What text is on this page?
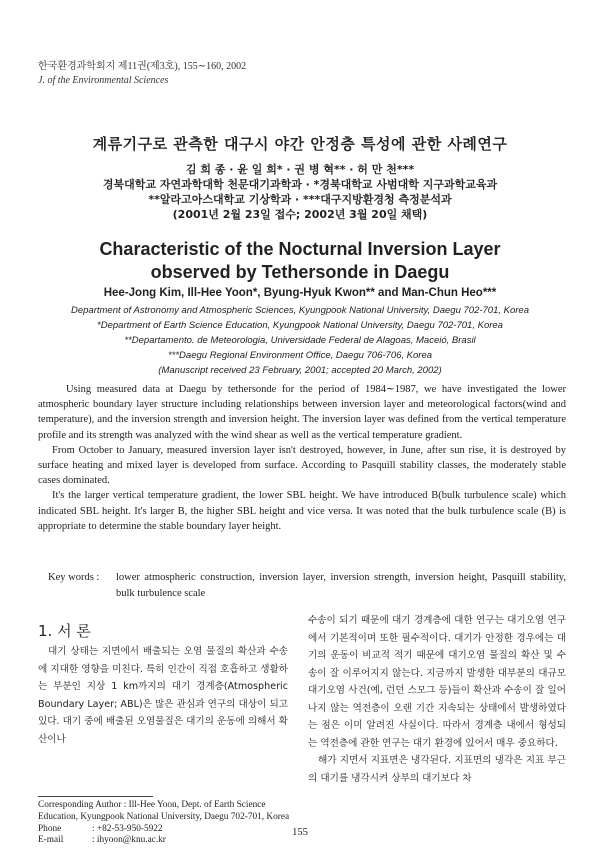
한국환경과학회지 제11권(제3호), 155∼160, 2002
J. of the Environmental Sciences
계류기구로 관측한 대구시 야간 안정층 특성에 관한 사례연구
김 희 종 · 윤 일 희* · 권 병 혁** · 허 만 천***
경북대학교 자연과학대학 천문대기과학과 · *경북대학교 사범대학 지구과학교육과
**알라고아스대학교 기상학과 · ***대구지방환경청 측정분석과
(2001년 2월 23일 접수; 2002년 3월 20일 채택)
Characteristic of the Nocturnal Inversion Layer
observed by Tethersonde in Daegu
Hee-Jong Kim, Ill-Hee Yoon*, Byung-Hyuk Kwon** and Man-Chun Heo***
Department of Astronomy and Atmospheric Sciences, Kyungpook National University, Daegu 702-701, Korea
*Department of Earth Science Education, Kyungpook National University, Daegu 702-701, Korea
**Departamento. de Meteorologia, Universidade Federal de Alagoas, Maceió, Brasil
***Daegu Regional Environment Office, Daegu 706-706, Korea
(Manuscript received 23 February, 2001; accepted 20 March, 2002)

Using measured data at Daegu by tethersonde for the period of 1984∼1987, we have investigated the lower atmospheric boundary layer structure including relationships between inversion layer and meteorological factors(wind and temperature), and the inversion strength and inversion height. The inversion layer was defined from the vertical temperature profile and its strength was analyzed with the wind shear as well as the vertical temperature gradient.

From October to January, measured inversion layer isn't destroyed, however, in June, after sun rise, it is destroyed by surface heating and mixed layer is developed from surface. According to Pasquill stability classes, the moderately stable cases dominated.

It's the larger vertical temperature gradient, the lower SBL height. We have introduced B(bulk turbulence scale) which indicated SBL height. It's larger B, the higher SBL height and vice versa. It was noted that the bulk turbulence scale (B) is appropriate to determine the stable boundary layer height.

Key words :	lower atmospheric construction, inversion layer, inversion strength, inversion height, Pasquill stability, bulk turbulence scale
1. 서 론

대기 상태는 지면에서 배출되는 오염 물질의 확산과 수송에 지대한 영향을 미친다. 특히 인간이 직접 호흡하고 생활하는 부분인 지상 1 km까지의 대기 경계층(Atmospheric Boundary Layer; ABL)은 많은 관심과 연구의 대상이 되고 있다. 대기 중에 배출된 오염물질은 대기의 운동에 의해서 확산이나

수송이 되기 때문에 대기 경계층에 대한 연구는 대기오염 연구에서 기본적이며 또한 필수적이다. 대기가 안정한 경우에는 대기의 운동이 비교적 적기 때문에 대기오염 물질의 확산 및 수송이 잘 이루어지지 않는다. 지금까지 발생한 대부분의 대규모 대기오염 사건(예, 런던 스모그 등)들이 확산과 수송이 잘 일어나지 않는 역전층이 오랜 기간 지속되는 상태에서 발생하였다는 점은 이미 알려진 사실이다. 따라서 경계층 내에서 형성되는 역전층에 관한 연구는 대기 환경에 있어서 매우 중요하다.

해가 지면서 지표면은 냉각된다. 지표면의 냉각은 지표 부근의 대기를 냉각시켜 상부의 대기보다 차

Corresponding Author : Ill-Hee Yoon, Dept. of Earth Science Education, Kyungpook National University, Daegu 702-701, Korea
Phone	: +82-53-950-5922
E-mail	: ihyoon@knu.ac.kr
155
